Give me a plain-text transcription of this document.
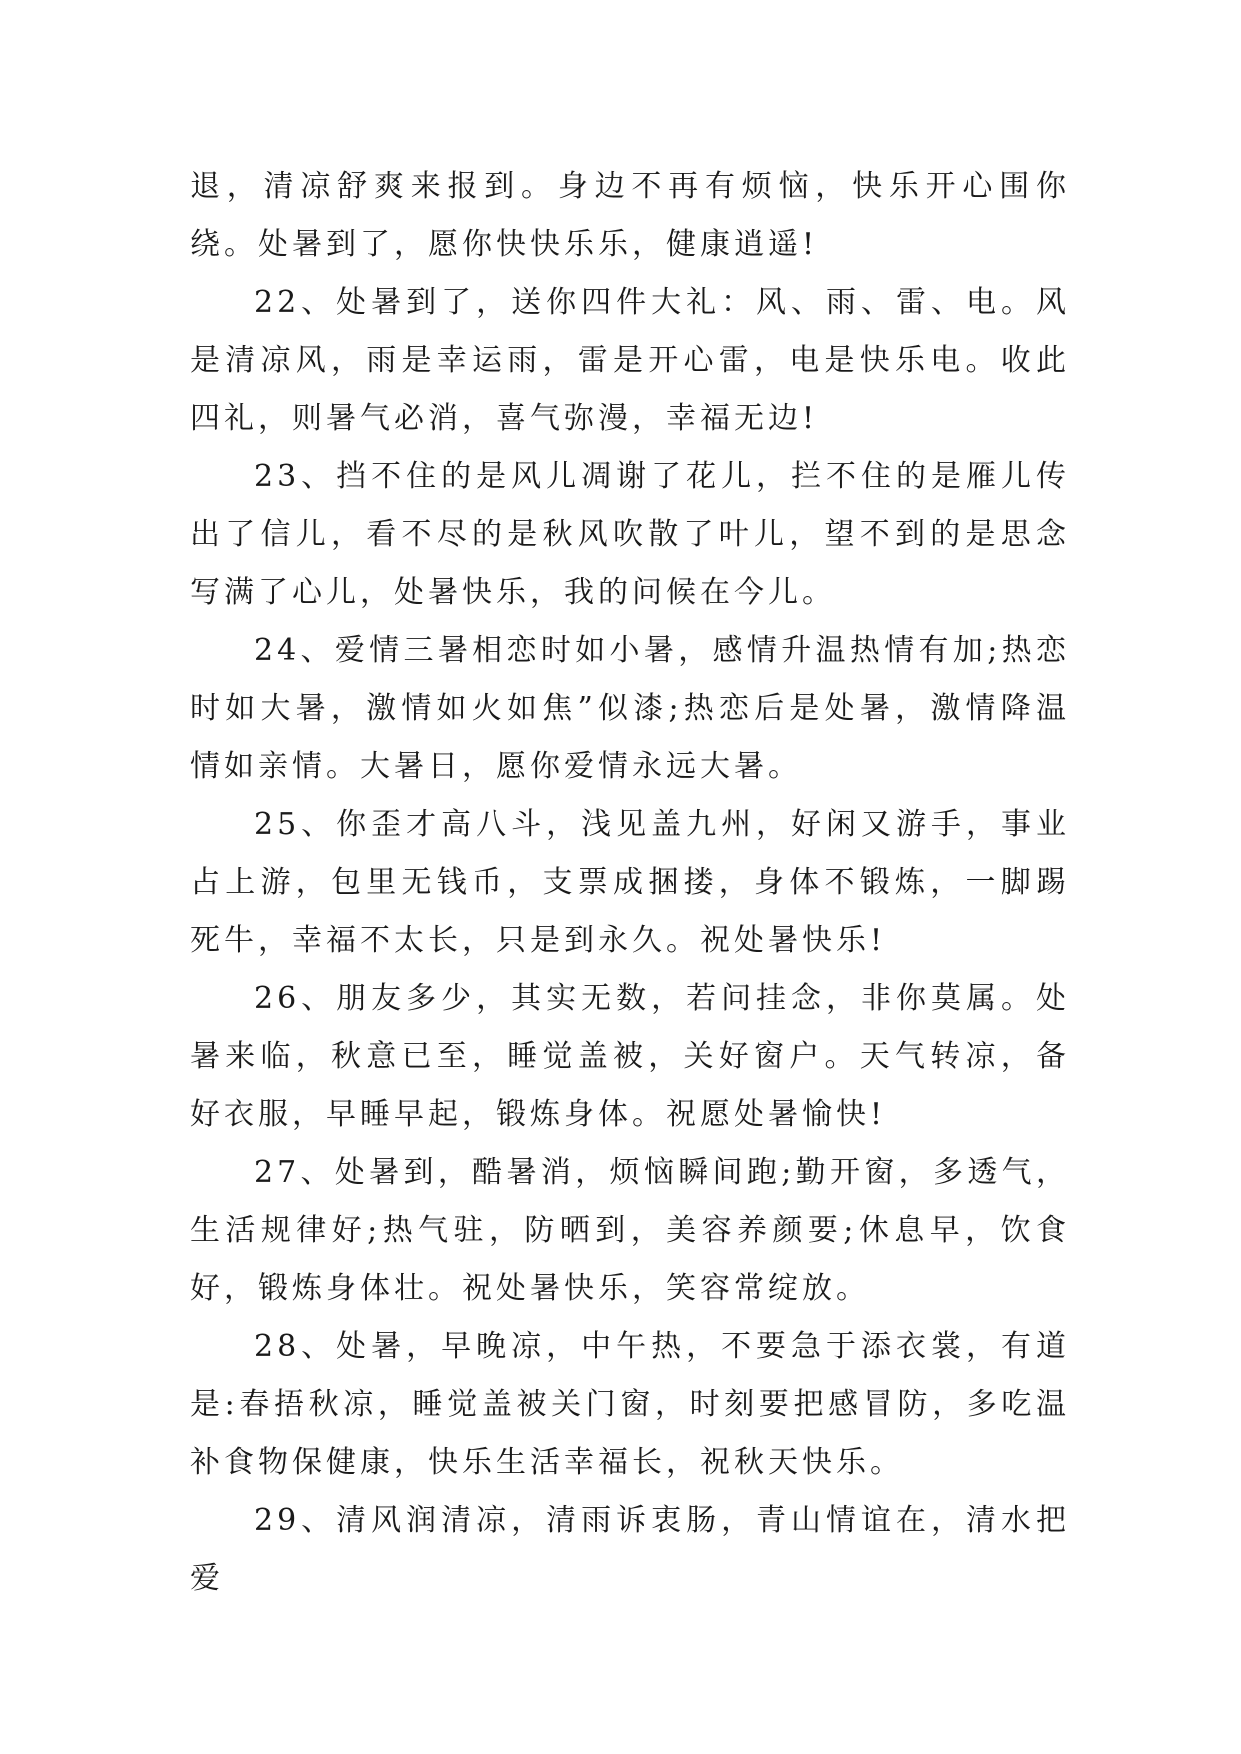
退，清凉舒爽来报到。身边不再有烦恼，快乐开心围你绕。处暑到了，愿你快快乐乐，健康逍遥!

22、处暑到了，送你四件大礼：风、雨、雷、电。风是清凉风，雨是幸运雨，雷是开心雷，电是快乐电。收此四礼，则暑气必消，喜气弥漫，幸福无边!

23、挡不住的是风儿凋谢了花儿，拦不住的是雁儿传出了信儿，看不尽的是秋风吹散了叶儿，望不到的是思念写满了心儿，处暑快乐，我的问候在今儿。

24、爱情三暑相恋时如小暑，感情升温热情有加;热恋时如大暑，激情如火如焦”似漆;热恋后是处暑，激情降温情如亲情。大暑日，愿你爱情永远大暑。

25、你歪才高八斗，浅见盖九州，好闲又游手，事业占上游，包里无钱币，支票成捆搂，身体不锻炼，一脚踢死牛，幸福不太长，只是到永久。祝处暑快乐!

26、朋友多少，其实无数，若问挂念，非你莫属。处暑来临，秋意已至，睡觉盖被，关好窗户。天气转凉，备好衣服，早睡早起，锻炼身体。祝愿处暑愉快!

27、处暑到，酷暑消，烦恼瞬间跑;勤开窗，多透气，生活规律好;热气驻，防晒到，美容养颜要;休息早，饮食好，锻炼身体壮。祝处暑快乐，笑容常绽放。

28、处暑，早晚凉，中午热，不要急于添衣裳，有道是:春捂秋凉，睡觉盖被关门窗，时刻要把感冒防，多吃温补食物保健康，快乐生活幸福长，祝秋天快乐。

29、清风润清凉，清雨诉衷肠，青山情谊在，清水把爱
